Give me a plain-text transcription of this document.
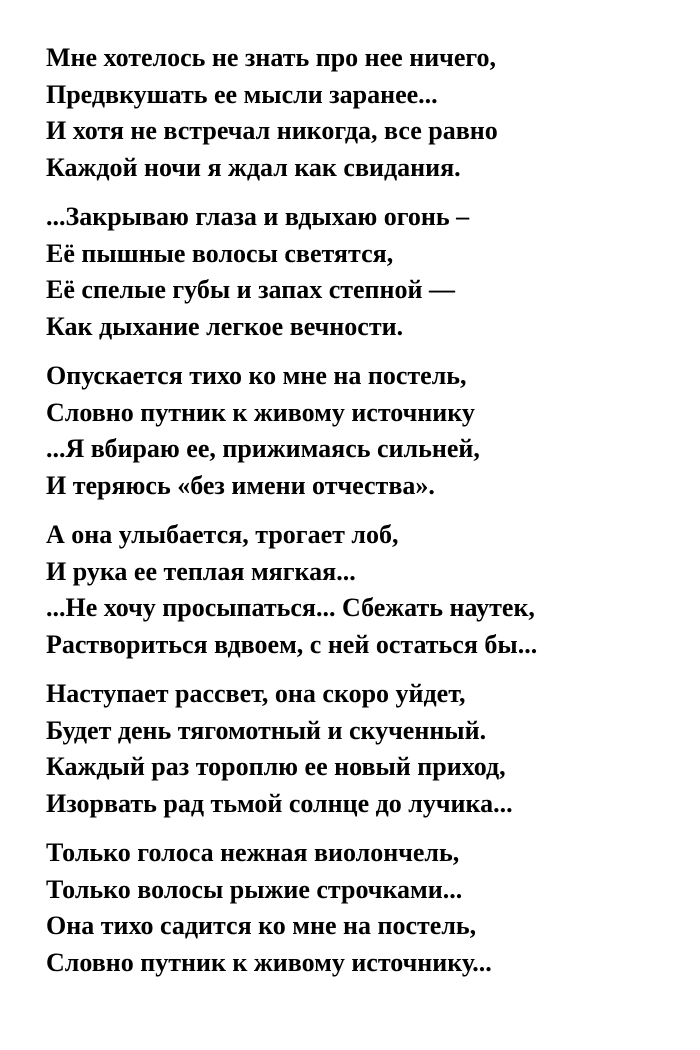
Мне хотелось не знать про нее ничего,
Предвкушать ее мысли заранее...
И хотя не встречал никогда, все равно
Каждой ночи я ждал как свидания.
...Закрываю глаза и вдыхаю огонь –
Её пышные волосы светятся,
Её спелые губы и запах степной —
Как дыхание легкое вечности.
Опускается тихо ко мне на постель,
Словно путник к живому источнику
...Я вбираю ее, прижимаясь сильней,
И теряюсь «без имени отчества».
А она улыбается, трогает лоб,
И рука ее теплая мягкая...
...Не хочу просыпаться... Сбежать наутек,
Раствориться вдвоем, с ней остаться бы...
Наступает рассвет, она скоро уйдет,
Будет день тягомотный и скученный.
Каждый раз тороплю ее новый приход,
Изорвать рад тьмой солнце до лучика...
Только голоса нежная виолончель,
Только волосы рыжие строчками...
Она тихо садится ко мне на постель,
Словно путник к живому источнику...
